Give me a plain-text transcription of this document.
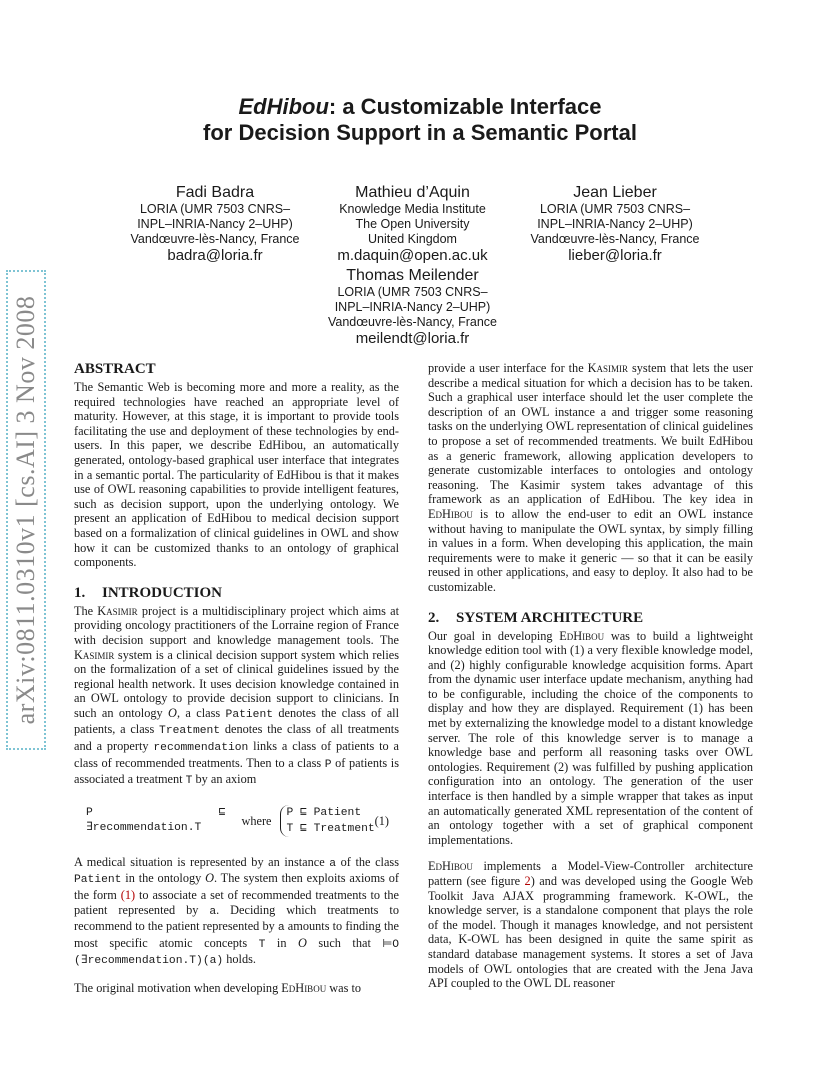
arXiv:0811.0310v1 [cs.AI] 3 Nov 2008
EdHibou: a Customizable Interface
for Decision Support in a Semantic Portal
Fadi Badra
LORIA (UMR 7503 CNRS–
INPL–INRIA-Nancy 2–UHP)
Vandœuvre-lès-Nancy, France
badra@loria.fr
Mathieu d’Aquin
Knowledge Media Institute
The Open University
United Kingdom
m.daquin@open.ac.uk
Jean Lieber
LORIA (UMR 7503 CNRS–
INPL–INRIA-Nancy 2–UHP)
Vandœuvre-lès-Nancy, France
lieber@loria.fr
Thomas Meilender
LORIA (UMR 7503 CNRS–
INPL–INRIA-Nancy 2–UHP)
Vandœuvre-lès-Nancy, France
meilendt@loria.fr
ABSTRACT

The Semantic Web is becoming more and more a reality, as the required technologies have reached an appropriate level of maturity. However, at this stage, it is important to provide tools facilitating the use and deployment of these technologies by end-users. In this paper, we describe EdHibou, an automatically generated, ontology-based graphical user interface that integrates in a semantic portal. The particularity of EdHibou is that it makes use of OWL reasoning capabilities to provide intelligent features, such as decision support, upon the underlying ontology. We present an application of EdHibou to medical decision support based on a formalization of clinical guidelines in OWL and show how it can be customized thanks to an ontology of graphical components.

1. INTRODUCTION

The Kasimir project is a multidisciplinary project which aims at providing oncology practitioners of the Lorraine region of France with decision support and knowledge management tools. The Kasimir system is a clinical decision support system which relies on the formalization of a set of clinical guidelines issued by the regional health network. It uses decision knowledge contained in an OWL ontology to provide decision support to clinicians. In such an ontology O, a class Patient denotes the class of all patients, a class Treatment denotes the class of all treatments and a property recommendation links a class of patients to a class of recommended treatments. Then to a class P of patients is associated a treatment T by an axiom

P ⊑ ∃recommendation.T
where
P ⊑ Patient
T ⊑ Treatment
(1)

A medical situation is represented by an instance a of the class Patient in the ontology O. The system then exploits axioms of the form (1) to associate a set of recommended treatments to the patient represented by a. Deciding which treatments to recommend to the patient represented by a amounts to finding the most specific atomic concepts T in O such that ⊨O (∃recommendation.T)(a) holds.

The original motivation when developing EdHibou was to

provide a user interface for the Kasimir system that lets the user describe a medical situation for which a decision has to be taken. Such a graphical user interface should let the user complete the description of an OWL instance a and trigger some reasoning tasks on the underlying OWL representation of clinical guidelines to propose a set of recommended treatments. We built EdHibou as a generic framework, allowing application developers to generate customizable interfaces to ontologies and ontology reasoning. The Kasimir system takes advantage of this framework as an application of EdHibou. The key idea in EdHibou is to allow the end-user to edit an OWL instance without having to manipulate the OWL syntax, by simply filling in values in a form. When developing this application, the main requirements were to make it generic — so that it can be easily reused in other applications, and easy to deploy. It also had to be customizable.

2. SYSTEM ARCHITECTURE

Our goal in developing EdHibou was to build a lightweight knowledge edition tool with (1) a very flexible knowledge model, and (2) highly configurable knowledge acquisition forms. Apart from the dynamic user interface update mechanism, anything had to be configurable, including the choice of the components to display and how they are displayed. Requirement (1) has been met by externalizing the knowledge model to a distant knowledge server. The role of this knowledge server is to manage a knowledge base and perform all reasoning tasks over OWL ontologies. Requirement (2) was fulfilled by pushing application configuration into an ontology. The generation of the user interface is then handled by a simple wrapper that takes as input an automatically generated XML representation of the content of an ontology together with a set of graphical component implementations.

EdHibou implements a Model-View-Controller architecture pattern (see figure 2) and was developed using the Google Web Toolkit Java AJAX programming framework. K-OWL, the knowledge server, is a standalone component that plays the role of the model. Though it manages knowledge, and not persistent data, K-OWL has been designed in quite the same spirit as standard database management systems. It stores a set of Java models of OWL ontologies that are created with the Jena Java API coupled to the OWL DL reasoner
